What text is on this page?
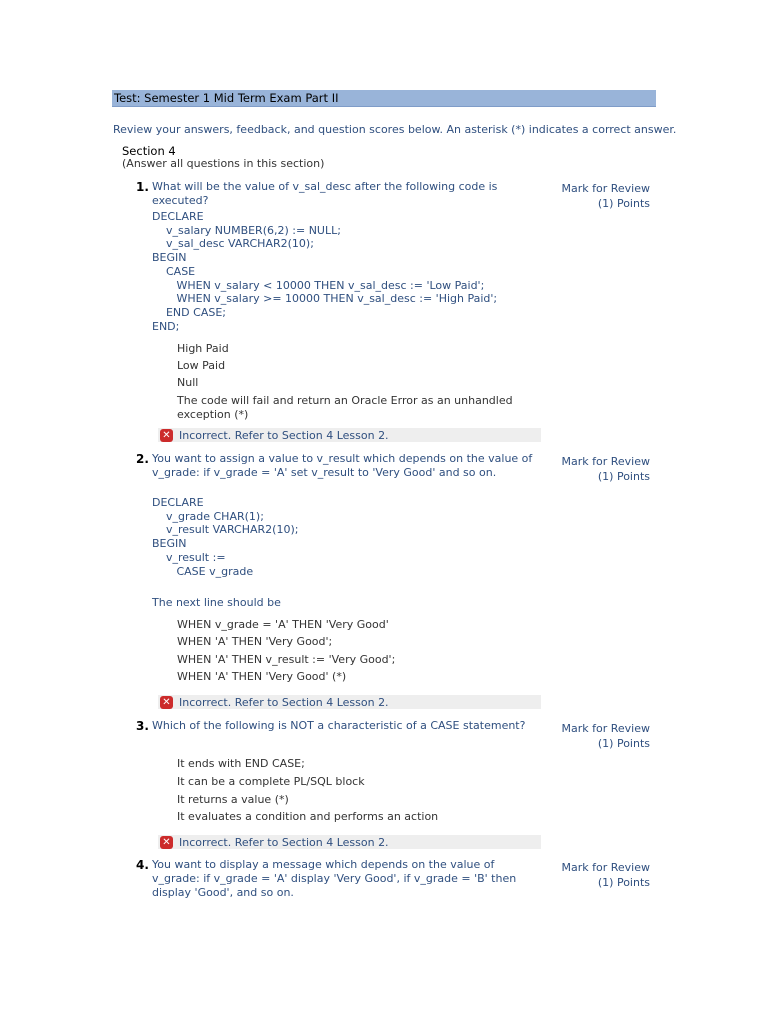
Test: Semester 1 Mid Term Exam Part II
Review your answers, feedback, and question scores below. An asterisk (*) indicates a correct answer.
Section 4
(Answer all questions in this section)
1. What will be the value of v_sal_desc after the following code is executed?
Mark for Review
(1) Points
DECLARE
v_salary NUMBER(6,2) := NULL;
v_sal_desc VARCHAR2(10);
BEGIN
CASE
WHEN v_salary < 10000 THEN v_sal_desc := 'Low Paid';
WHEN v_salary >= 10000 THEN v_sal_desc := 'High Paid';
END CASE;
END;
High Paid
Low Paid
Null
The code will fail and return an Oracle Error as an unhandled exception (*)
✕ Incorrect. Refer to Section 4 Lesson 2.
2. You want to assign a value to v_result which depends on the value of v_grade: if v_grade = 'A' set v_result to 'Very Good' and so on.
Mark for Review
(1) Points
DECLARE
v_grade CHAR(1);
v_result VARCHAR2(10);
BEGIN
v_result :=
CASE v_grade
The next line should be
WHEN v_grade = 'A' THEN 'Very Good'
WHEN 'A' THEN 'Very Good';
WHEN 'A' THEN v_result := 'Very Good';
WHEN 'A' THEN 'Very Good' (*)
✕ Incorrect. Refer to Section 4 Lesson 2.
3. Which of the following is NOT a characteristic of a CASE statement?	Mark for Review
(1) Points
It ends with END CASE;
It can be a complete PL/SQL block
It returns a value (*)
It evaluates a condition and performs an action
✕ Incorrect. Refer to Section 4 Lesson 2.
4. You want to display a message which depends on the value of v_grade: if v_grade = 'A' display 'Very Good', if v_grade = 'B' then display 'Good', and so on.
Mark for Review
(1) Points
